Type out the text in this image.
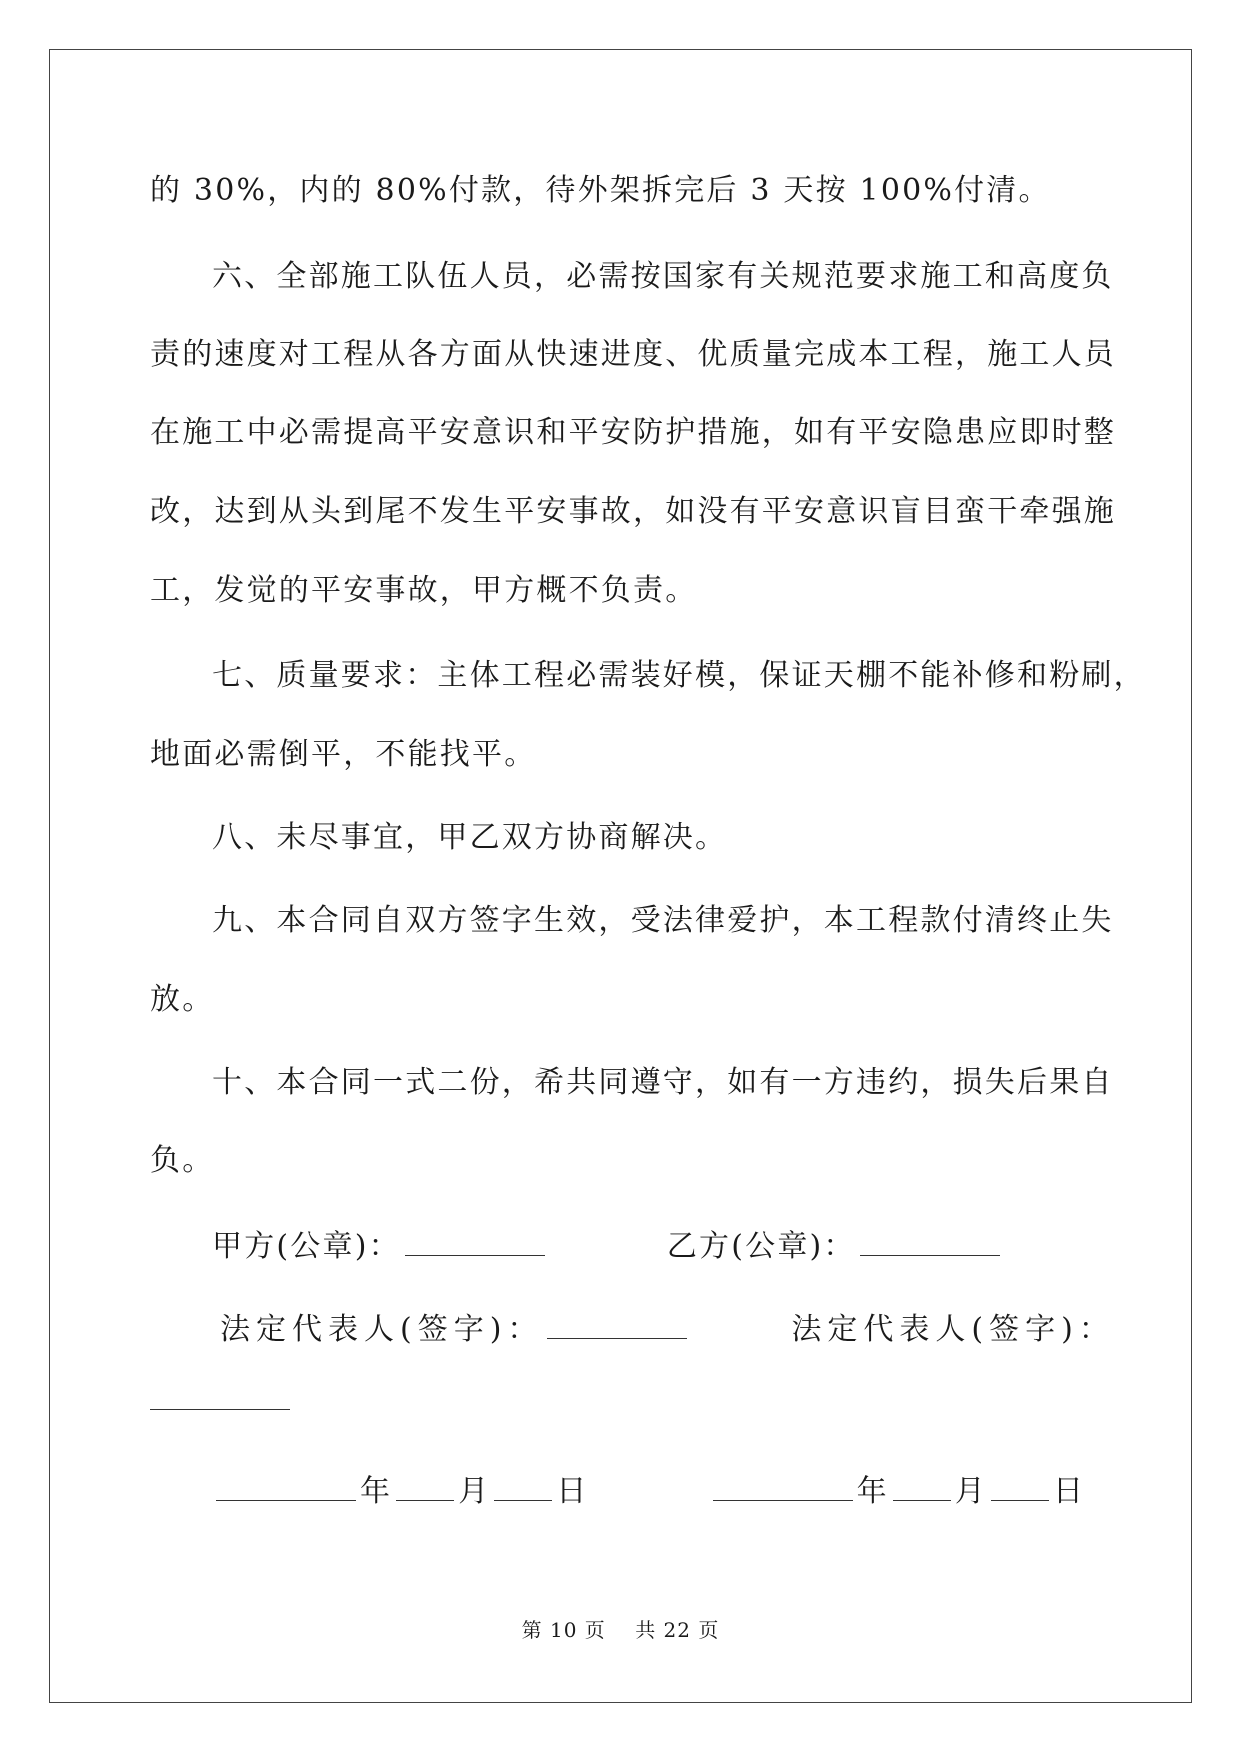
的 30%，内的 80%付款，待外架拆完后 3 天按 100%付清。
六、全部施工队伍人员，必需按国家有关规范要求施工和高度负
责的速度对工程从各方面从快速进度、优质量完成本工程，施工人员
在施工中必需提高平安意识和平安防护措施，如有平安隐患应即时整
改，达到从头到尾不发生平安事故，如没有平安意识盲目蛮干牵强施
工，发觉的平安事故，甲方概不负责。
七、质量要求：主体工程必需装好模，保证天棚不能补修和粉刷，
地面必需倒平，不能找平。
八、未尽事宜，甲乙双方协商解决。
九、本合同自双方签字生效，受法律爱护，本工程款付清终止失
放。
十、本合同一式二份，希共同遵守，如有一方违约，损失后果自
负。
甲方(公章)：	乙方(公章)：
法定代表人(签字)：	法定代表人(签字)：
年 月 日	年 月 日
第 10 页    共 22 页
